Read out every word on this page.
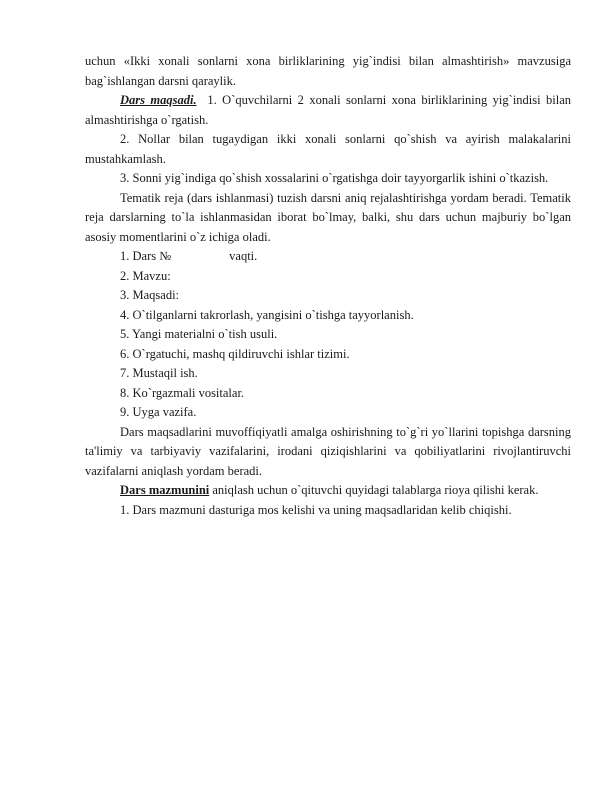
uchun «Ikki xonali sonlarni xona birliklarining yig`indisi bilan almashtirish» mavzusiga bag`ishlangan darsni qaraylik.

Dars maqsadi. 1. O`quvchilarni 2 xonali sonlarni xona birliklarining yig`indisi bilan almashtirishga o`rgatish.

2. Nollar bilan tugaydigan ikki xonali sonlarni qo`shish va ayirish malakalarini mustahkamlash.

3. Sonni yig`indiga qo`shish xossalarini o`rgatishga doir tayyorgarlik ishini o`tkazish.

Tematik reja (dars ishlanmasi) tuzish darsni aniq rejalashtirishga yordam beradi. Tematik reja darslarning to`la ishlanmasidan iborat bo`lmay, balki, shu dars uchun majburiy bo`lgan asosiy momentlarini o`z ichiga oladi.

1. Dars №	vaqti.

2. Mavzu:

3. Maqsadi:

4. O`tilganlarni takrorlash, yangisini o`tishga tayyorlanish.

5. Yangi materialni o`tish usuli.

6. O`rgatuchi, mashq qildiruvchi ishlar tizimi.

7. Mustaqil ish.

8. Ko`rgazmali vositalar.

9. Uyga vazifa.

Dars maqsadlarini muvoffiqiyatli amalga oshirishning to`g`ri yo`llarini topishga darsning ta'limiy va tarbiyaviy vazifalarini, irodani qiziqishlarini va qobiliyatlarini rivojlantiruvchi vazifalarni aniqlash yordam beradi.

Dars mazmunini aniqlash uchun o`qituvchi quyidagi talablarga rioya qilishi kerak.

1. Dars mazmuni dasturiga mos kelishi va uning maqsadlaridan kelib chiqishi.
